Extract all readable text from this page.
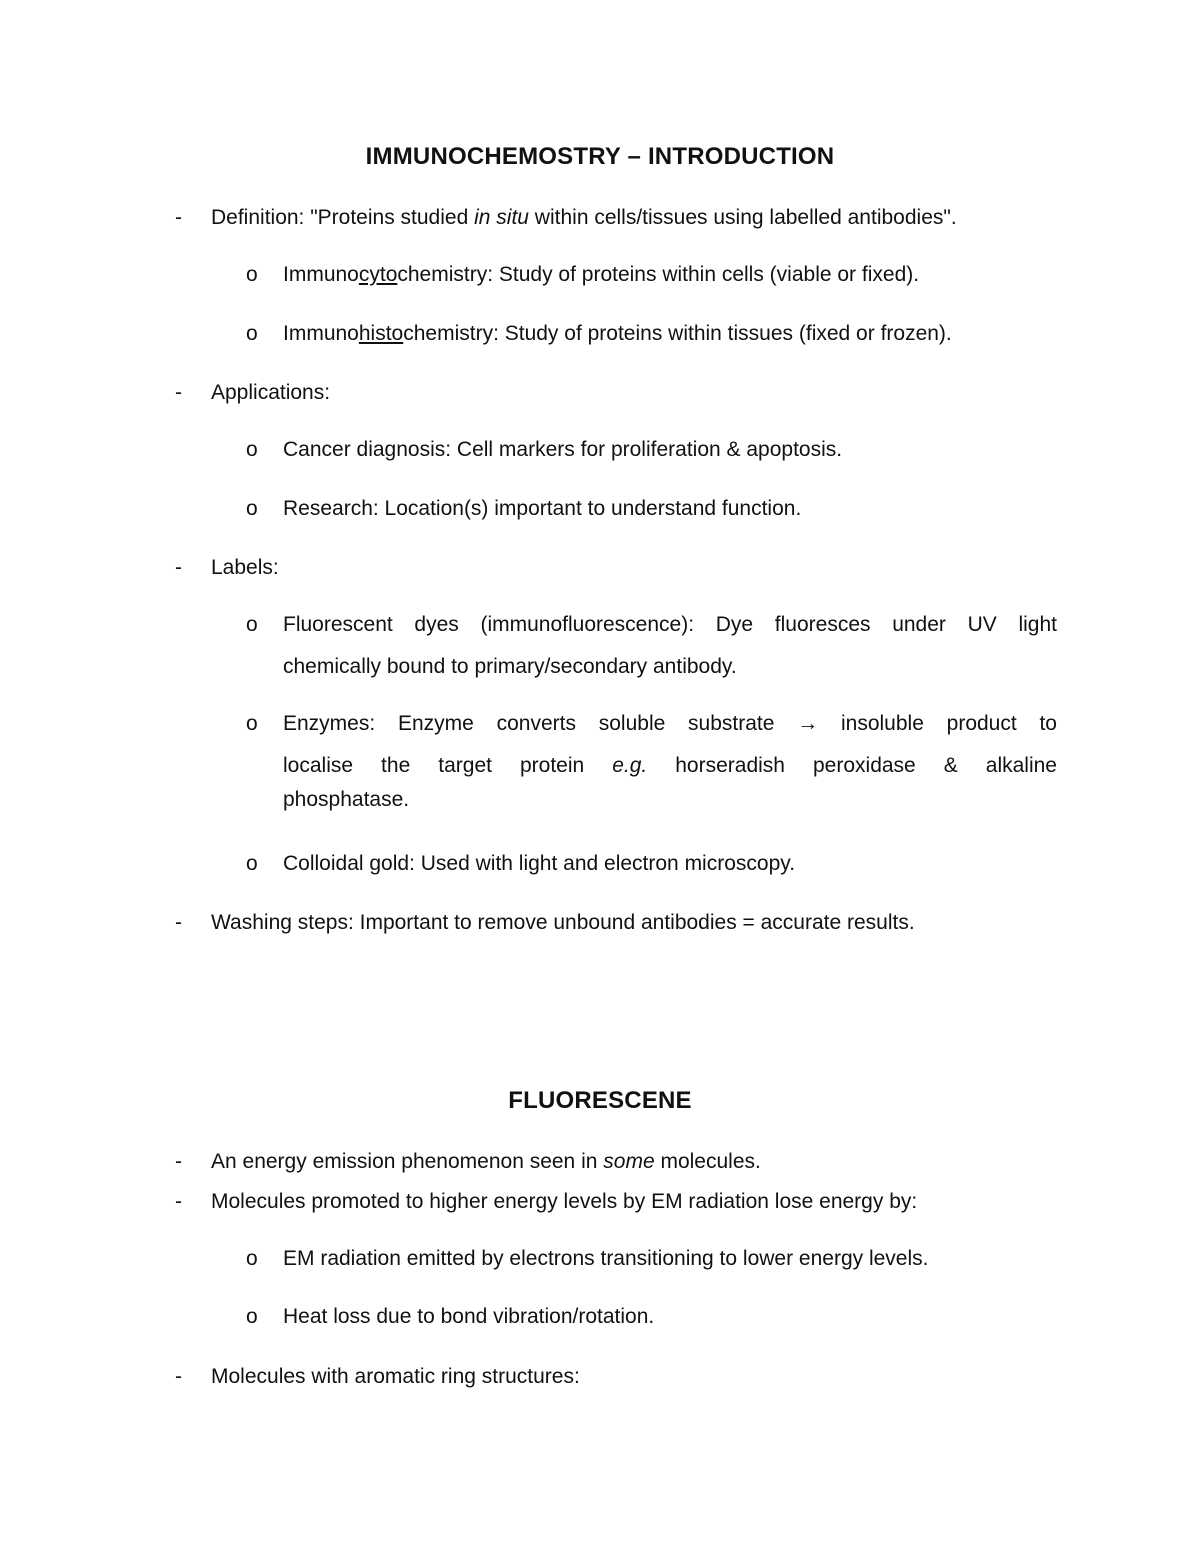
IMMUNOCHEMOSTRY – INTRODUCTION
- Definition: "Proteins studied in situ within cells/tissues using labelled antibodies".
o Immunocytochemistry: Study of proteins within cells (viable or fixed).
o Immunohistochemistry: Study of proteins within tissues (fixed or frozen).
- Applications:
o Cancer diagnosis: Cell markers for proliferation & apoptosis.
o Research: Location(s) important to understand function.
- Labels:
o Fluorescent dyes (immunofluorescence): Dye fluoresces under UV light
chemically bound to primary/secondary antibody.
o Enzymes: Enzyme converts soluble substrate → insoluble product to
localise the target protein e.g. horseradish peroxidase & alkaline
phosphatase.
o Colloidal gold: Used with light and electron microscopy.
- Washing steps: Important to remove unbound antibodies = accurate results.
FLUORESCENE
- An energy emission phenomenon seen in some molecules.
- Molecules promoted to higher energy levels by EM radiation lose energy by:
o EM radiation emitted by electrons transitioning to lower energy levels.
o Heat loss due to bond vibration/rotation.
- Molecules with aromatic ring structures:
